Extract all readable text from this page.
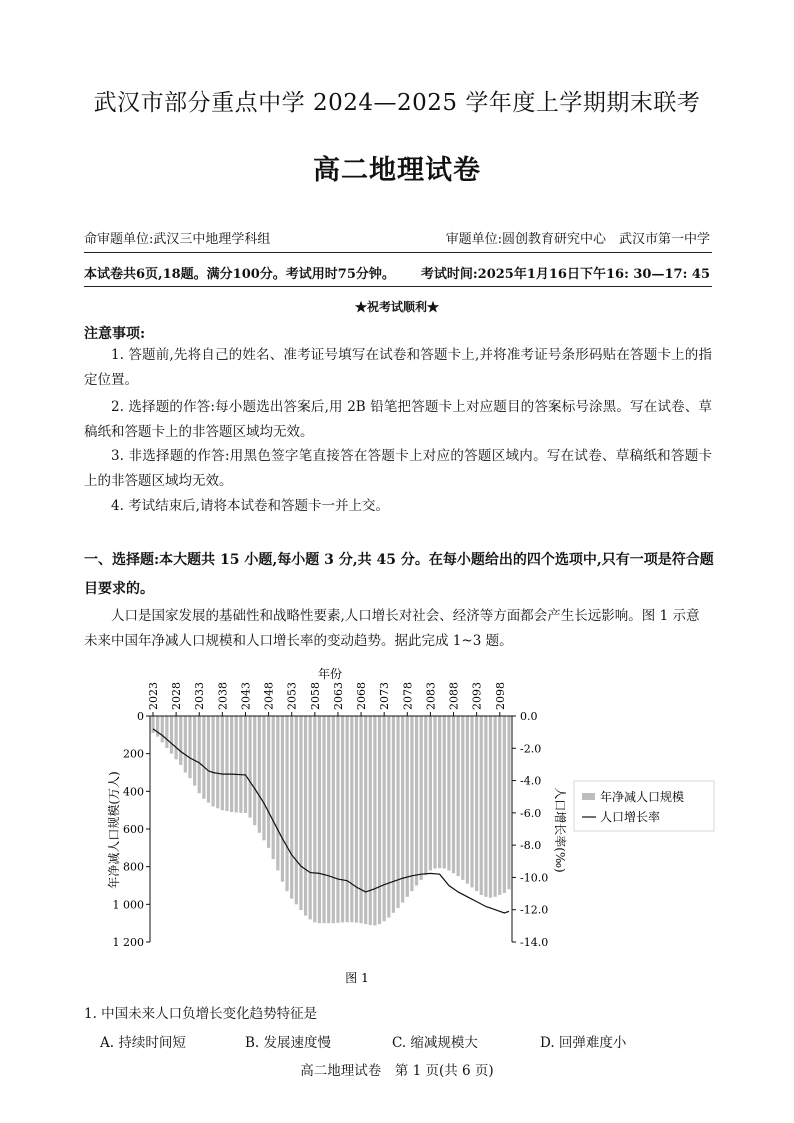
武汉市部分重点中学 2024—2025 学年度上学期期末联考
高二地理试卷
命审题单位:武汉三中地理学科组	审题单位:圆创教育研究中心　武汉市第一中学
本试卷共6页,18题。满分100分。考试用时75分钟。 考试时间:2025年1月16日下午16: 30—17: 45
★祝考试顺利★
注意事项:
1. 答题前,先将自己的姓名、准考证号填写在试卷和答题卡上,并将准考证号条形码贴在答题卡上的指定位置。
2. 选择题的作答:每小题选出答案后,用 2B 铅笔把答题卡上对应题目的答案标号涂黑。写在试卷、草稿纸和答题卡上的非答题区域均无效。
3. 非选择题的作答:用黑色签字笔直接答在答题卡上对应的答题区域内。写在试卷、草稿纸和答题卡上的非答题区域均无效。
4. 考试结束后,请将本试卷和答题卡一并上交。
一、选择题:本大题共 15 小题,每小题 3 分,共 45 分。在每小题给出的四个选项中,只有一项是符合题目要求的。
人口是国家发展的基础性和战略性要素,人口增长对社会、经济等方面都会产生长远影响。图 1 示意未来中国年净减人口规模和人口增长率的变动趋势。据此完成 1~3 题。
2023 2028 2033 2038 2043 2048 2053 2058 2063 2068 2073 2078 2083 2088 2093 2098
0
200
400
600
800
1 000
1 200
0.0
-2.0
-4.0
-6.0
-8.0
-10.0
-12.0
-14.0
年份
年净减人口规模(万人)	人口增长率(‰)	年净减人口规模
人口增长率
图 1
1. 中国未来人口负增长变化趋势特征是
A. 持续时间短	B. 发展速度慢	C. 缩减规模大	D. 回弹难度小
高二地理试卷　第 1 页(共 6 页)
